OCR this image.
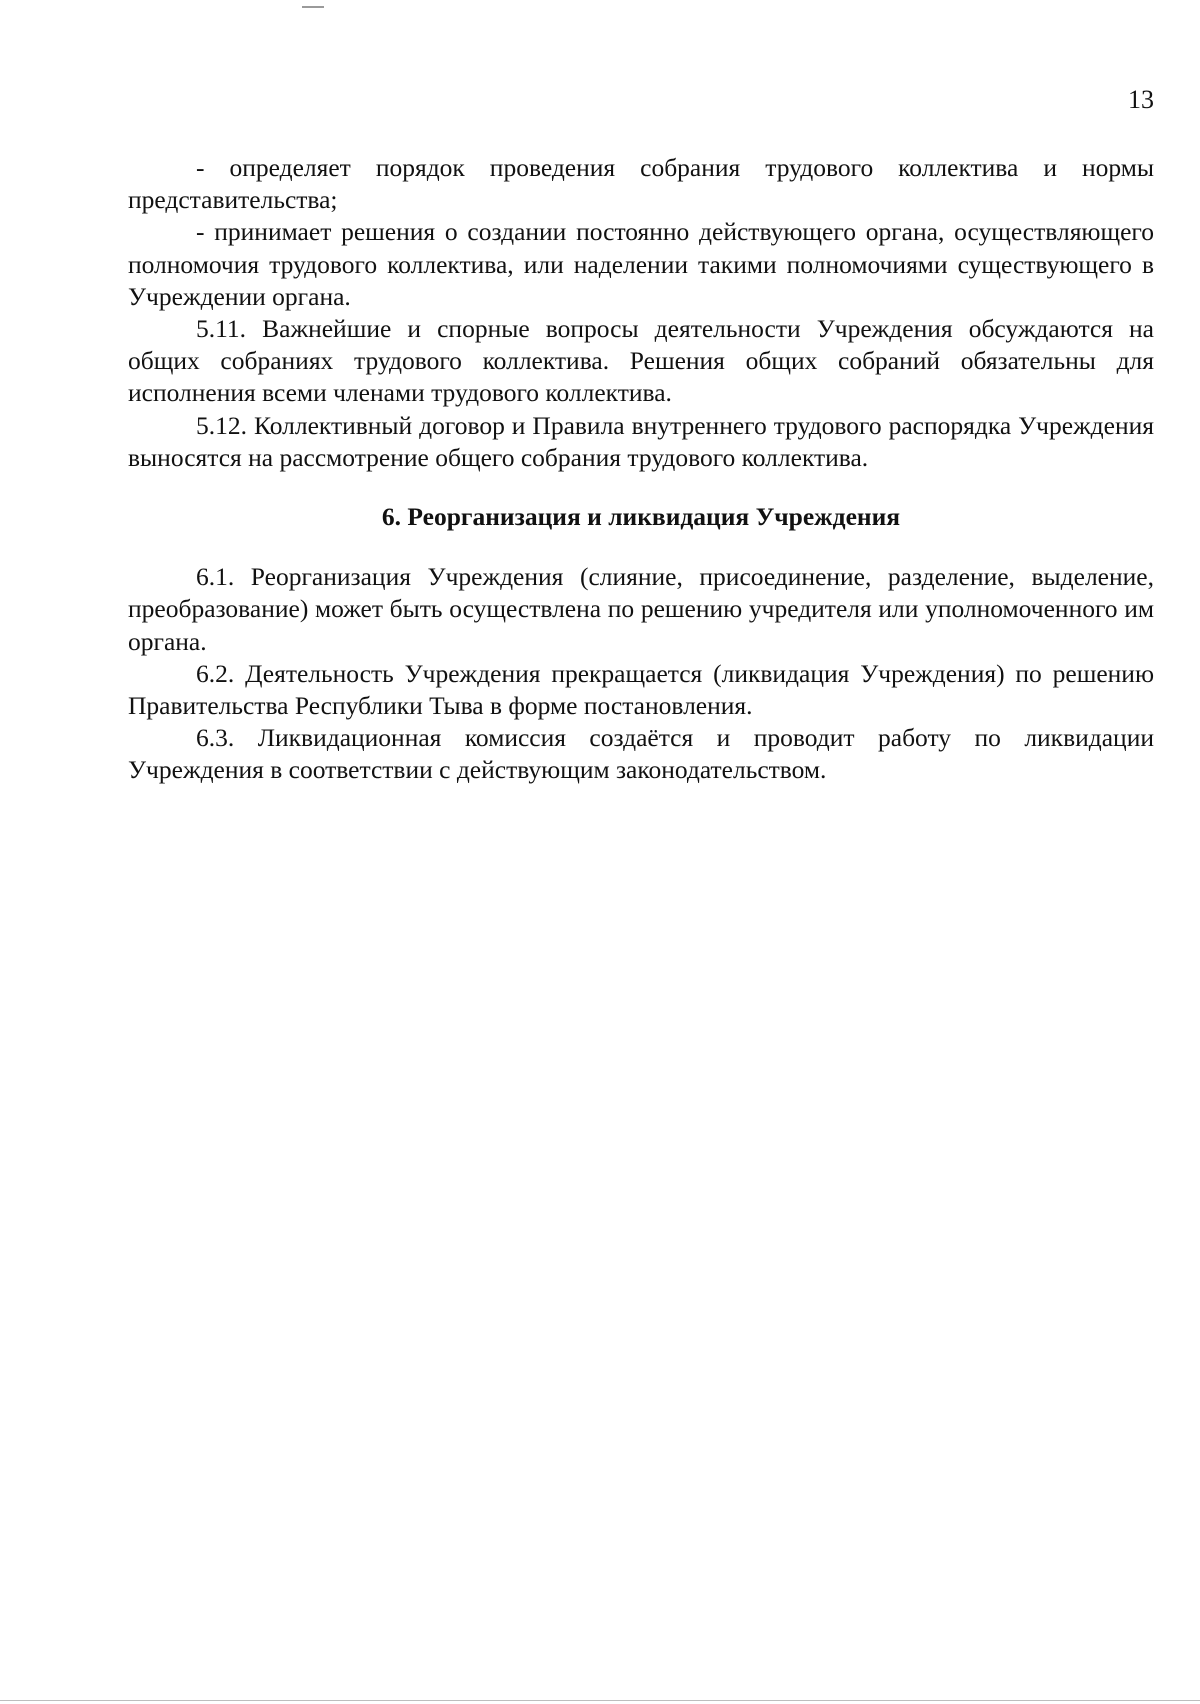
13

- определяет порядок проведения собрания трудового коллектива и нормы представительства;

- принимает решения о создании постоянно действующего органа, осуществляющего полномочия трудового коллектива, или наделении такими полномочиями существующего в Учреждении органа.

5.11. Важнейшие и спорные вопросы деятельности Учреждения обсуждаются на общих собраниях трудового коллектива. Решения общих собраний обязательны для исполнения всеми членами трудового коллектива.

5.12. Коллективный договор и Правила внутреннего трудового распорядка Учреждения выносятся на рассмотрение общего собрания трудового коллектива.

6. Реорганизация и ликвидация Учреждения

6.1. Реорганизация Учреждения (слияние, присоединение, разделение, выделение, преобразование) может быть осуществлена по решению учредителя или уполномоченного им органа.

6.2. Деятельность Учреждения прекращается (ликвидация Учреждения) по решению Правительства Республики Тыва в форме постановления.

6.3. Ликвидационная комиссия создаётся и проводит работу по ликвидации Учреждения в соответствии с действующим законодательством.
